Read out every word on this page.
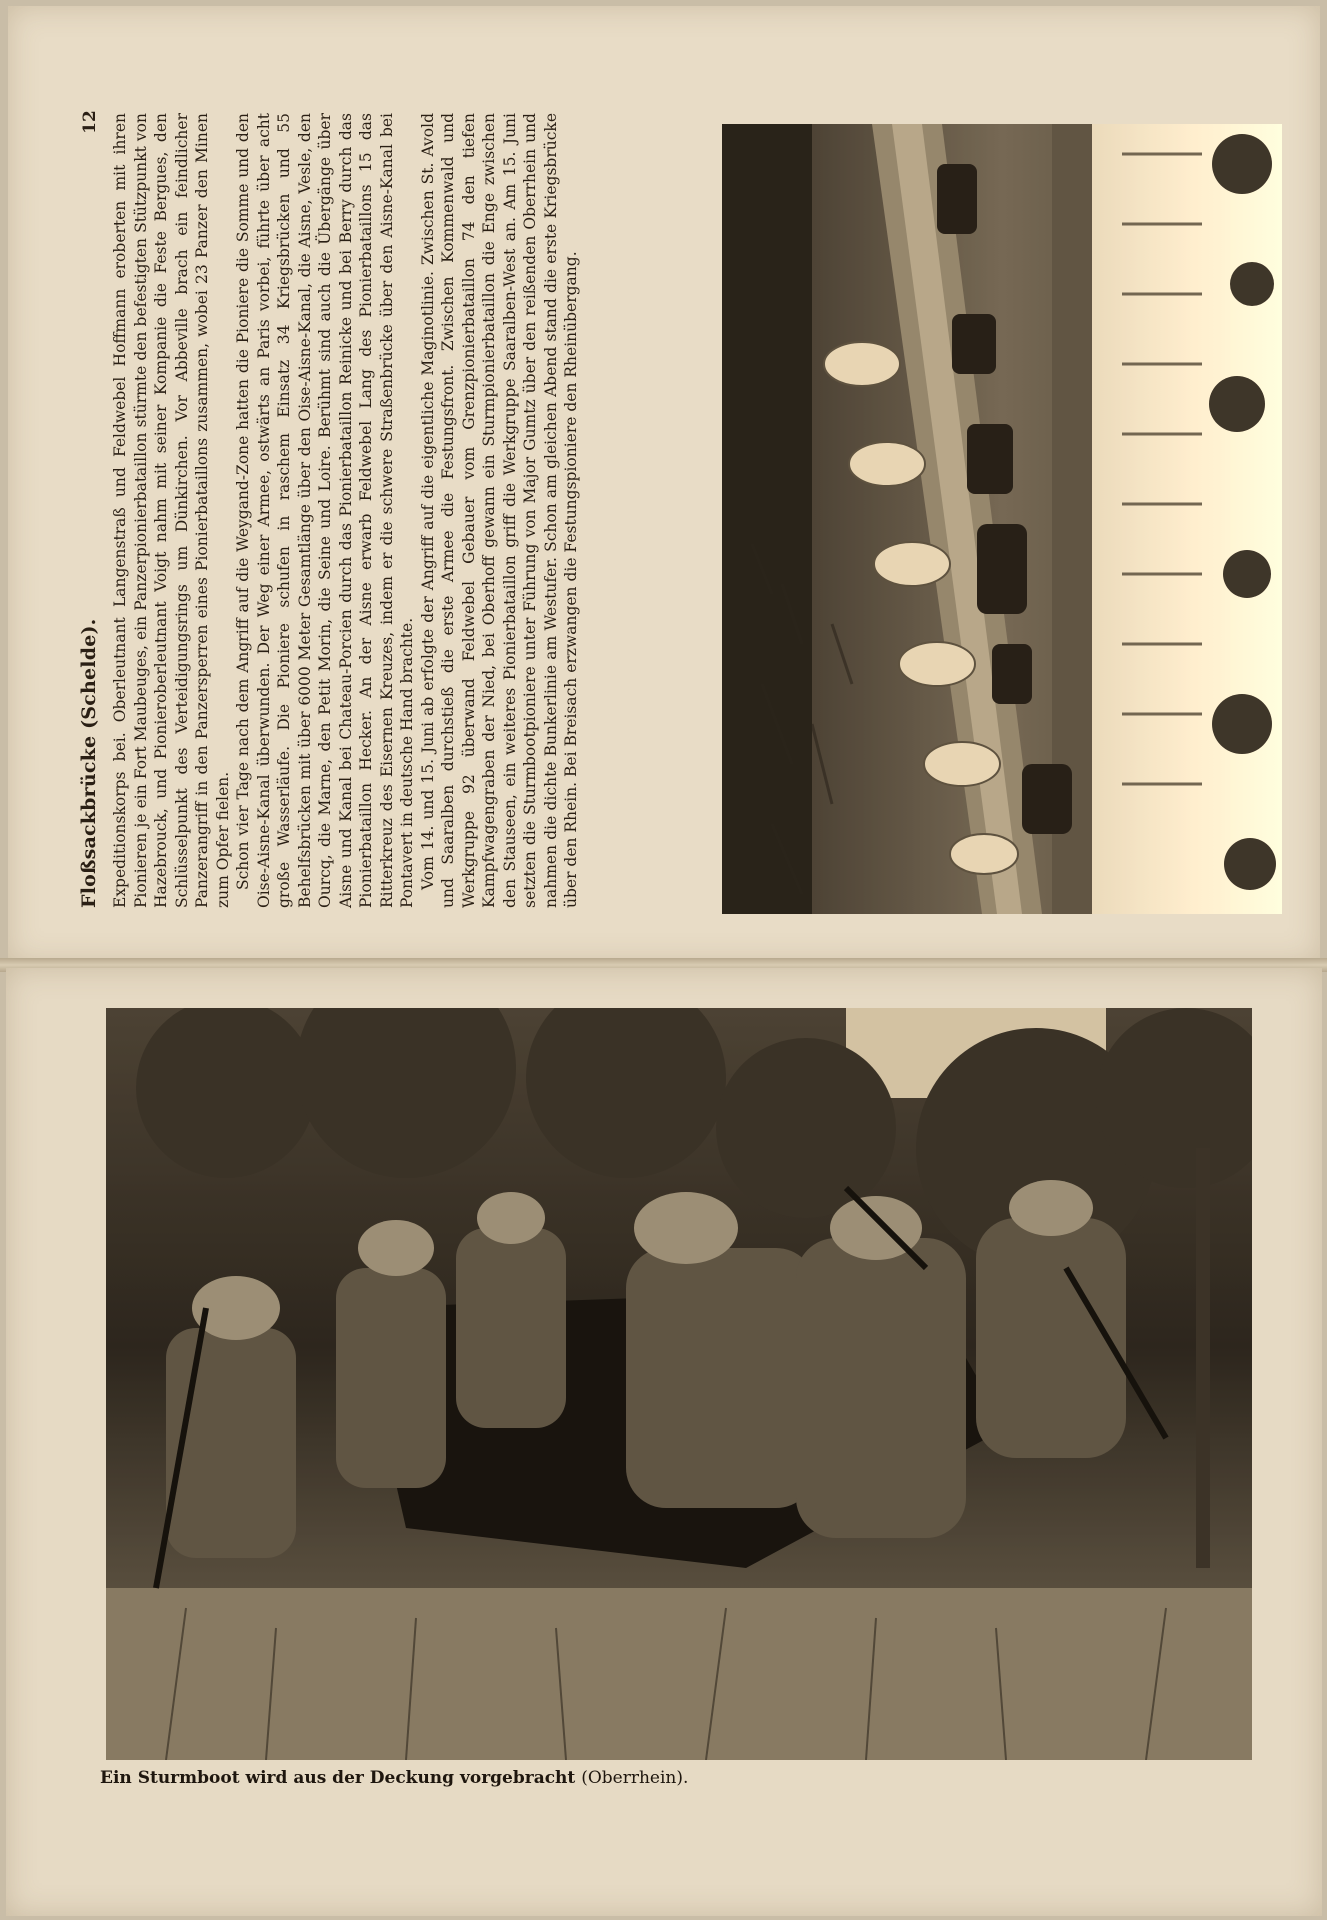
Floßsackbrücke (Schelde). Expeditionskorps bei. Oberleutnant Langenstraß und Feldwebel Hoffmann eroberten mit ihren Pionieren je ein Fort Maubeuges, ein Panzerpionierbataillon stürmte den befestigten Stützpunkt von Hazebrouck, und Pionieroberleutnant Voigt nahm mit seiner Kompanie die Feste Bergues, den Schlüsselpunkt des Verteidigungsrings um Dünkirchen. Vor Abbeville brach ein feindlicher Panzerangriff in den Panzersperren eines Pionierbataillons zusammen, wobei 23 Panzer den Minen zum Opfer fielen. Schon vier Tage nach dem Angriff auf die Weygand-Zone hatten die Pioniere die Somme und den Oise-Aisne-Kanal überwunden. Der Weg einer Armee, ostwärts an Paris vorbei, führte über acht große Wasserläufe. Die Pioniere schufen in raschem Einsatz 34 Kriegsbrücken und 55 Behelfsbrücken mit über 6000 Meter Gesamtlänge über den Oise-Aisne-Kanal, die Aisne, Vesle, den Ourcq, die Marne, den Petit Morin, die Seine und Loire. Berühmt sind auch die Übergänge über Aisne und Kanal bei Chateau-Porcien durch das Pionierbataillon Reinicke und bei Berry durch das Pionierbataillon Hecker. An der Aisne erwarb Feldwebel Lang des Pionierbataillons 15 das Ritterkreuz des Eisernen Kreuzes, indem er die schwere Straßenbrücke über den Aisne-Kanal bei Pontavert in deutsche Hand brachte. Vom 14. und 15. Juni ab erfolgte der Angriff auf die eigentliche Maginotlinie. Zwischen St. Avold und Saaralben durchstieß die erste Armee die Festungsfront. Zwischen Kommenwald und Werkgruppe 92 überwand Feldwebel Gebauer vom Grenzpionierbataillon 74 den tiefen Kampfwagengraben der Nied, bei Oberhoff gewann ein Sturmpionierbataillon die Enge zwischen den Stauseen, ein weiteres Pionierbataillon griff die Werkgruppe Saaralben-West an. Am 15. Juni setzten die Sturmbootpioniere unter Führung von Major Gumtz über den reißenden Oberrhein und nahmen die dichte Bunkerlinie am Westufer. Schon am gleichen Abend stand die erste Kriegsbrücke über den Rhein. Bei Breisach erzwangen die Festungspioniere den Rheinübergang.

12
Ein Sturmboot wird aus der Deckung vorgebracht (Oberrhein).
